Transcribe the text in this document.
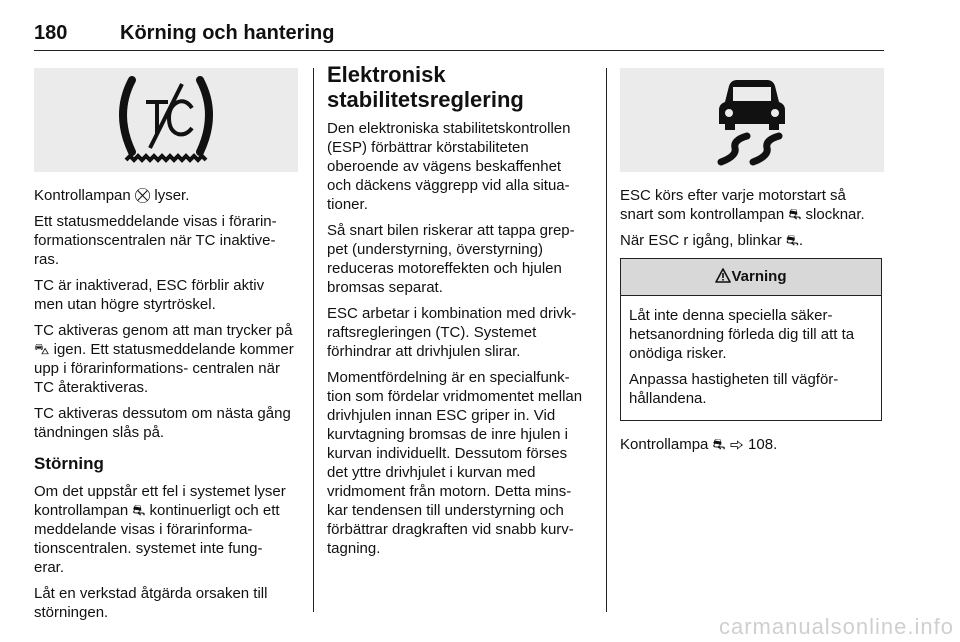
180	Körning och hantering

Kontrollampan ⛒ lyser.

Ett statusmeddelande visas i förarin- formationscentralen när TC inaktive- ras.

TC är inaktiverad, ESC förblir aktiv men utan högre styrtröskel.

TC aktiveras genom att man trycker på ⛍ igen. Ett statusmeddelande kommer upp i förarinformations- centralen när TC återaktiveras.

TC aktiveras dessutom om nästa gång tändningen slås på.

Störning

Om det uppstår ett fel i systemet lyser kontrollampan ⛐ kontinuerligt och ett meddelande visas i förarinforma- tionscentralen. systemet inte fung- erar.

Låt en verkstad åtgärda orsaken till störningen.

Elektronisk stabilitetsreglering

Den elektroniska stabilitetskontrollen (ESP) förbättrar körstabiliteten oberoende av vägens beskaffenhet och däckens väggrepp vid alla situa- tioner.

Så snart bilen riskerar att tappa grep- pet (understyrning, överstyrning) reduceras motoreffekten och hjulen bromsas separat.

ESC arbetar i kombination med drivk- raftsregleringen (TC). Systemet förhindrar att drivhjulen slirar.

Momentfördelning är en specialfunk- tion som fördelar vridmomentet mellan drivhjulen innan ESC griper in. Vid kurvtagning bromsas de inre hjulen i kurvan individuellt. Dessutom förses det yttre drivhjulet i kurvan med vridmoment från motorn. Detta mins- kar tendensen till understyrning och förbättrar dragkraften vid snabb kurv- tagning.

ESC körs efter varje motorstart så snart som kontrollampan ⛐ slocknar.

När ESC r igång, blinkar ⛐.

Varning

Låt inte denna speciella säker- hetsanordning förleda dig till att ta onödiga risker.

Anpassa hastigheten till vägför- hållandena.

Kontrollampa ⛐ ⇨ 108.

carmanualsonline.info
